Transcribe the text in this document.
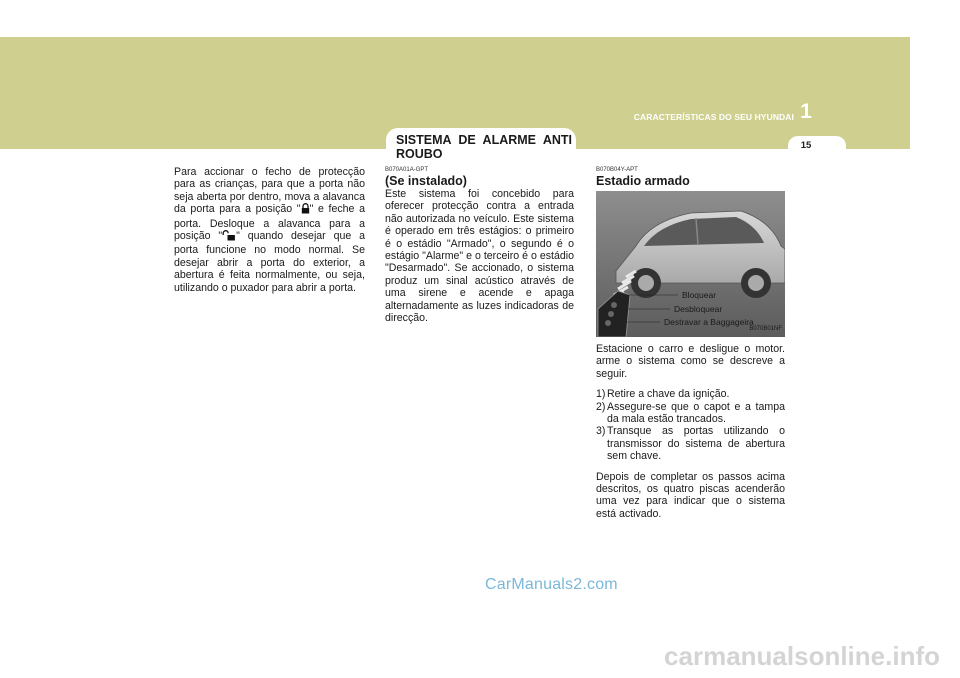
CARACTERÍSTICAS DO SEU HYUNDAI 1
15
SISTEMA DE ALARME ANTI ROUBO

Para accionar o fecho de protecção para as crianças, para que a porta não seja aberta por dentro, mova a alavanca da porta para a posição " " e feche a porta. Desloque a alavanca para a posição " " quando desejar que a porta funcione no modo normal. Se desejar abrir a porta do exterior, a abertura é feita normalmente, ou seja, utilizando o puxador para abrir a porta.

B070A01A-GPT

(Se instalado)

Este sistema foi concebido para oferecer protecção contra a entrada não autorizada no veículo. Este sistema é operado em três estágios: o primeiro é o estádio "Armado", o segundo é o estágio "Alarme" e o terceiro é o estádio "Desarmado". Se accionado, o sistema produz um sinal acústico através de uma sirene e acende e apaga alternadamente as luzes indicadoras de direcção.

B070B04Y-APT

Estadio armado

Bloquear
Desbloquear
Destravar a Baggageira
B070B01NF

Estacione o carro e desligue o motor. arme o sistema como se descreve a seguir.

1) Retire a chave da ignição.
2) Assegure-se que o capot e a tampa da mala estão trancados.
3) Transque as portas utilizando o transmissor do sistema de abertura sem chave.

Depois de completar os passos acima descritos, os quatro piscas acenderão uma vez para indicar que o sistema está activado.

CarManuals2.com
carmanualsonline.info
